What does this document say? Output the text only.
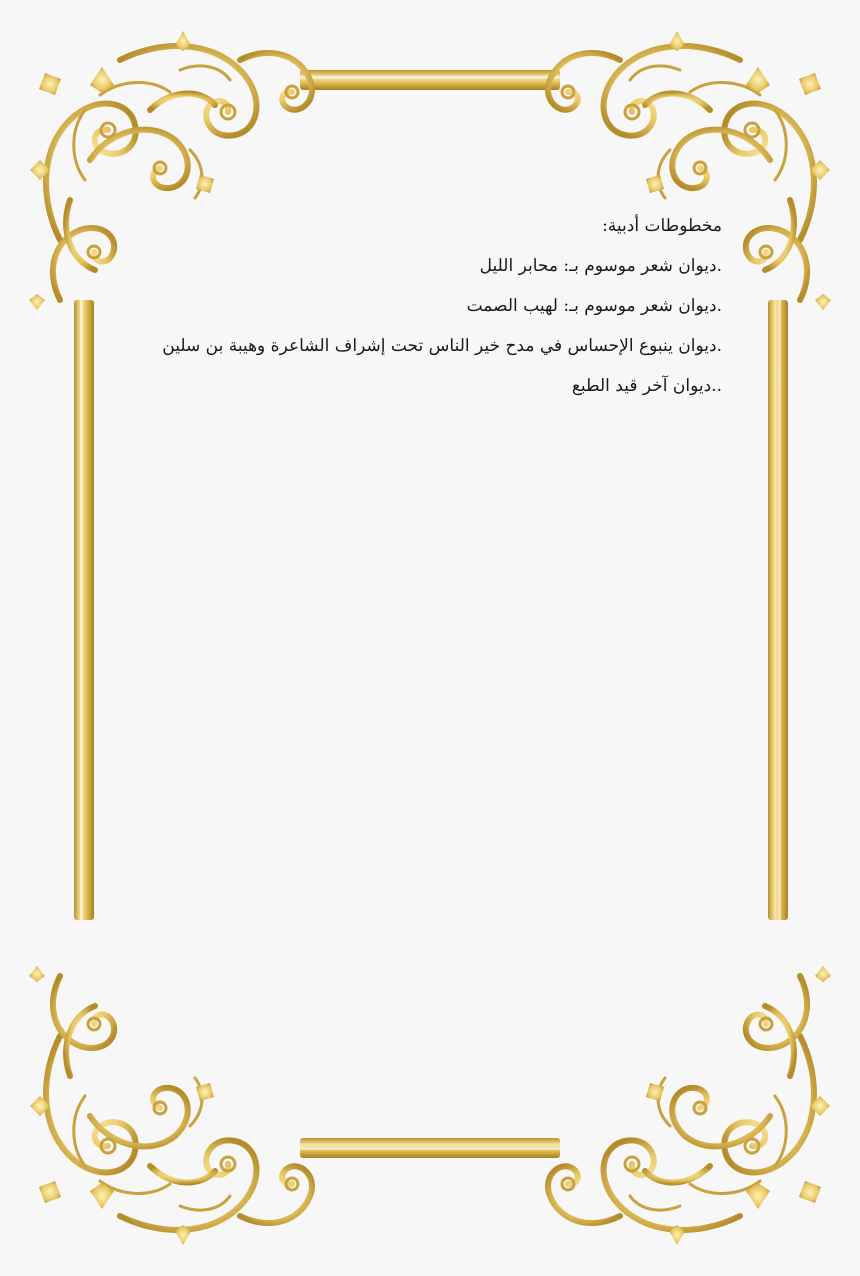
مخطوطات أدبية:
.ديوان شعر موسوم بـ: محابر الليل
.ديوان شعر موسوم بـ: لهيب الصمت
.ديوان ينبوع الإحساس في مدح خير الناس تحت إشراف الشاعرة وهيبة بن سلين
..ديوان آخر قيد الطبع
